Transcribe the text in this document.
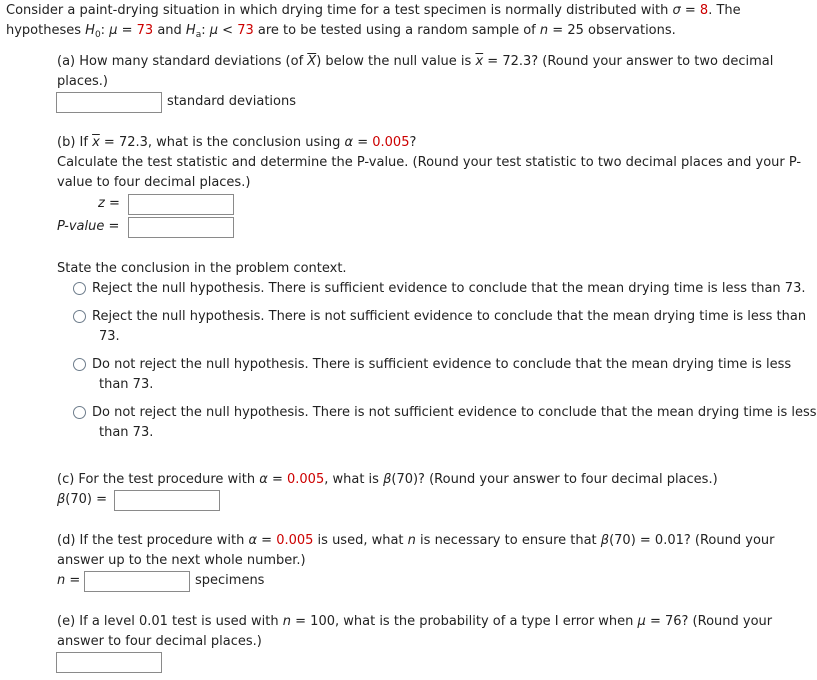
Consider a paint-drying situation in which drying time for a test specimen is normally distributed with σ = 8. The
hypotheses $H_0$: μ = 73 and $H_a$: μ < 73 are to be tested using a random sample of n = 25 observations.
(a) How many standard deviations (of $\overline{X}$) below the null value is $\overline{x} = 72.3$? (Round your answer to two decimal
places.)
standard deviations
(b) If $\overline{x} = 72.3$, what is the conclusion using α = 0.005?
Calculate the test statistic and determine the P-value. (Round your test statistic to two decimal places and your P-
value to four decimal places.)
z =
P-value =
State the conclusion in the problem context.
Reject the null hypothesis. There is sufficient evidence to conclude that the mean drying time is less than 73.
Reject the null hypothesis. There is not sufficient evidence to conclude that the mean drying time is less than
73.
Do not reject the null hypothesis. There is sufficient evidence to conclude that the mean drying time is less
than 73.
Do not reject the null hypothesis. There is not sufficient evidence to conclude that the mean drying time is less
than 73.
(c) For the test procedure with α = 0.005, what is β(70)? (Round your answer to four decimal places.)
β(70) =
(d) If the test procedure with α = 0.005 is used, what n is necessary to ensure that β(70) = 0.01? (Round your
answer up to the next whole number.)
n =	specimens
(e) If a level 0.01 test is used with n = 100, what is the probability of a type I error when μ = 76? (Round your
answer to four decimal places.)
